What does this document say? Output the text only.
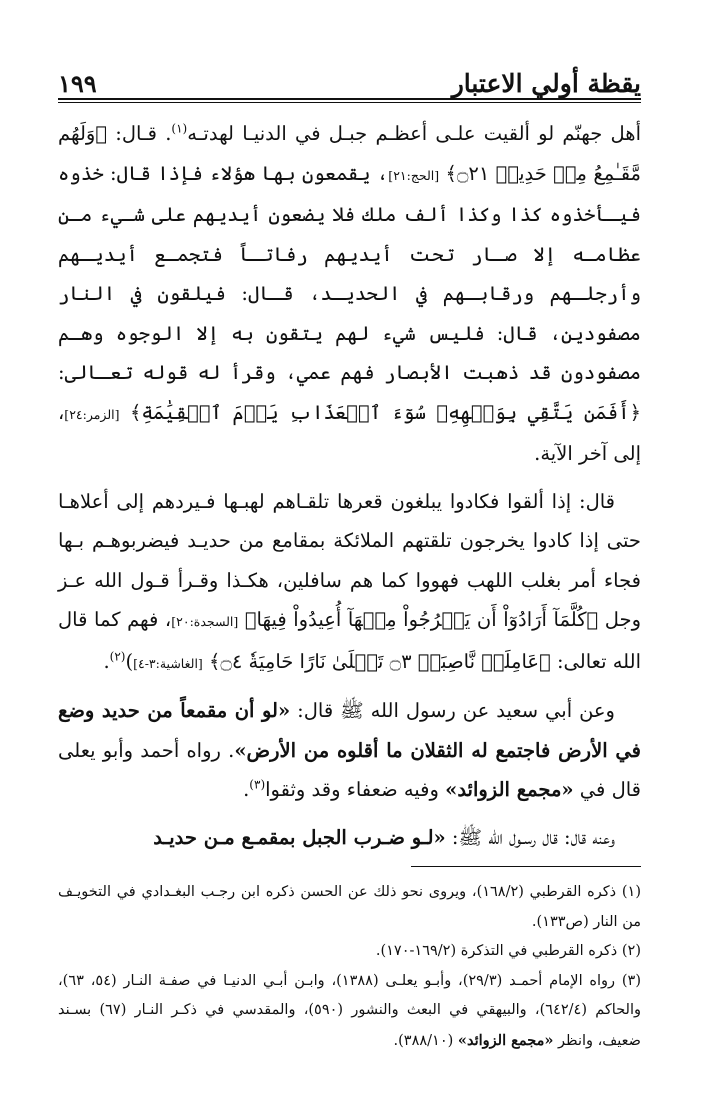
يقظة أولي الاعتبار
١٩٩

أهل جهنّم لو ألقيت علـى أعظـم جبـل في الدنيـا لهدتـه$^{(١)}$. قـال: ﴿وَلَهُم مَّقَـٰمِعُ مِنۡ حَدِيدٖ ۝٢١﴾ [الحج:٢١]، يقمعون بها هؤلاء فإذا قال: خذوه فيـأخذوه كذا وكذا ألف ملك فلا يضعون أيديهم على شـيء مـن عظامـه إلا صـار تحت أيديهم رفاتـاً فتجمـع أيديـهم وأرجلـهم ورقابـهم في الحديـد، قـال: فيلقون في النار مصفودين، قال: فليس شيء لهم يتقون به إلا الوجوه وهـم مصفودون قد ذهبت الأبصار فهم عمي، وقرأ له قوله تعـالى: ﴿أَفَمَن يَتَّقِي بِوَجۡهِهِۦ سُوٓءَ ٱلۡعَذَابِ يَوۡمَ ٱلۡقِيَٰمَةِ﴾ [الزمر:٢٤]، إلى آخر الآية.

قال: إذا ألقوا فكادوا يبلغون قعرها تلقـاهم لهبـها فـيردهم إلى أعلاهـا حتى إذا كادوا يخرجون تلقتهم الملائكة بمقامع من حديـد فيضربوهـم بـها فجاء أمر بغلب اللهب فهووا كما هم سافلين، هكـذا وقـرأ قـول الله عـز وجل ﴿كُلَّمَآ أَرَادُوٓاْ أَن يَخۡرُجُواْ مِنۡهَآ أُعِيدُواْ فِيهَا﴾ [السجدة:٢٠]، فهم كما قال الله تعالى: ﴿عَامِلَةٞ نَّاصِبَةٞ ۝٣ تَصۡلَىٰ نَارًا حَامِيَةٗ ۝٤﴾ [الغاشية:٣-٤])$^{(٢)}$.

وعن أبي سعيد عن رسول الله ﷺ قال: «لو أن مقمعاً من حديد وضع في الأرض فاجتمع له الثقلان ما أقلوه من الأرض». رواه أحمد وأبو يعلى قال في «مجمع الزوائد» وفيه ضعفاء وقد وثقوا$^{(٣)}$.

وعنه قال: قال رسـول الله ﷺ: «لـو ضـرب الجبل بمقمـع مـن حديـد

(١) ذكره القرطبي (١٦٨/٢)، ويروى نحو ذلك عن الحسن ذكره ابن رجـب البغـدادي في التخويـف من النار (ص١٣٣).

(٢) ذكره القرطبي في التذكرة (١٦٩/٢-١٧٠).

(٣) رواه الإمام أحمـد (٢٩/٣)، وأبـو يعلـى (١٣٨٨)، وابـن أبـي الدنيـا في صفـة النـار (٥٤، ٦٣)، والحاكم (٦٤٢/٤)، والبيهقي في البعث والنشور (٥٩٠)، والمقدسي في ذكـر النـار (٦٧) بسـند ضعيف، وانظر «مجمع الزوائد» (٣٨٨/١٠).
